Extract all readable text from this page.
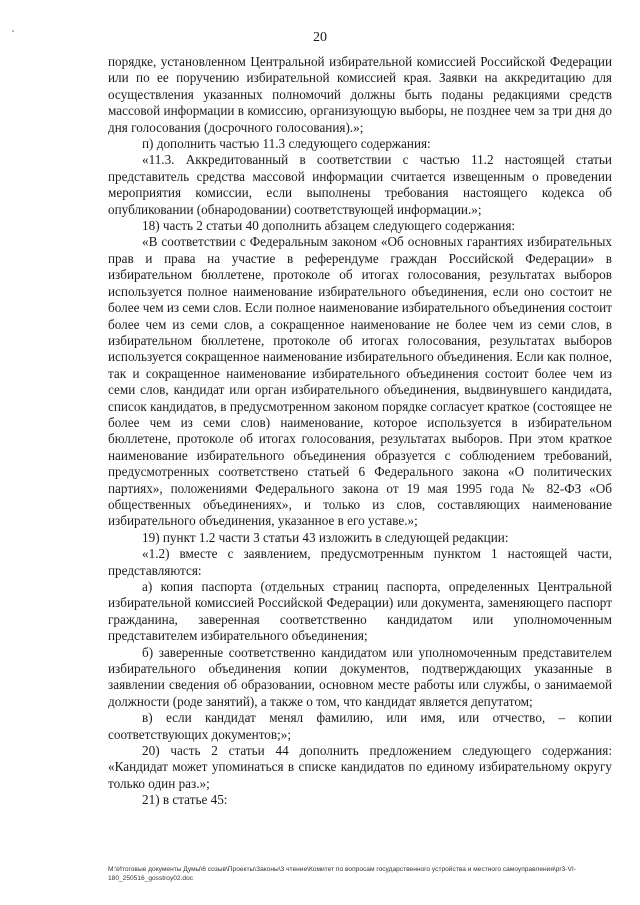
20

порядке, установленном Центральной избирательной комиссией Российской Федерации или по ее поручению избирательной комиссией края. Заявки на аккредитацию для осуществления указанных полномочий должны быть поданы редакциями средств массовой информации в комиссию, организующую выборы, не позднее чем за три дня до дня голосования (досрочного голосования).»;

п) дополнить частью 11.3 следующего содержания:

«11.3. Аккредитованный в соответствии с частью 11.2 настоящей статьи представитель средства массовой информации считается извещенным о проведении мероприятия комиссии, если выполнены требования настоящего кодекса об опубликовании (обнародовании) соответствующей информации.»;

18) часть 2 статьи 40 дополнить абзацем следующего содержания:

«В соответствии с Федеральным законом «Об основных гарантиях избирательных прав и права на участие в референдуме граждан Российской Федерации» в избирательном бюллетене, протоколе об итогах голосования, результатах выборов используется полное наименование избирательного объединения, если оно состоит не более чем из семи слов. Если полное наименование избирательного объединения состоит более чем из семи слов, а сокращенное наименование не более чем из семи слов, в избирательном бюллетене, протоколе об итогах голосования, результатах выборов используется сокращенное наименование избирательного объединения. Если как полное, так и сокращенное наименование избирательного объединения состоит более чем из семи слов, кандидат или орган избирательного объединения, выдвинувшего кандидата, список кандидатов, в предусмотренном законом порядке согласует краткое (состоящее не более чем из семи слов) наименование, которое используется в избирательном бюллетене, протоколе об итогах голосования, результатах выборов. При этом краткое наименование избирательного объединения образуется с соблюдением требований, предусмотренных соответствено статьей 6 Федерального закона «О политических партиях», положениями Федерального закона от 19 мая 1995 года № 82-ФЗ «Об общественных объединениях», и только из слов, составляющих наименование избирательного объединения, указанное в его уставе.»;

19) пункт 1.2 части 3 статьи 43 изложить в следующей редакции:

«1.2) вместе с заявлением, предусмотренным пунктом 1 настоящей части, представляются:

а) копия паспорта (отдельных страниц паспорта, определенных Центральной избирательной комиссией Российской Федерации) или документа, заменяющего паспорт гражданина, заверенная соответственно кандидатом или уполномоченным представителем избирательного объединения;

б) заверенные соответственно кандидатом или уполномоченным представителем избирательного объединения копии документов, подтверждающих указанные в заявлении сведения об образовании, основном месте работы или службы, о занимаемой должности (роде занятий), а также о том, что кандидат является депутатом;

в) если кандидат менял фамилию, или имя, или отчество, – копии соответствующих документов;»;

20) часть 2 статьи 44 дополнить предложением следующего содержания: «Кандидат может упоминаться в списке кандидатов по единому избирательному округу только один раз.»;

21) в статье 45:

M:\Итоговые документы Думы\6 созыв\Проекты\Законы\3 чтение\Комитет по вопросам государственного устройства и местного самоуправления\pr3-VI-180_250516_gosstroy02.doc
